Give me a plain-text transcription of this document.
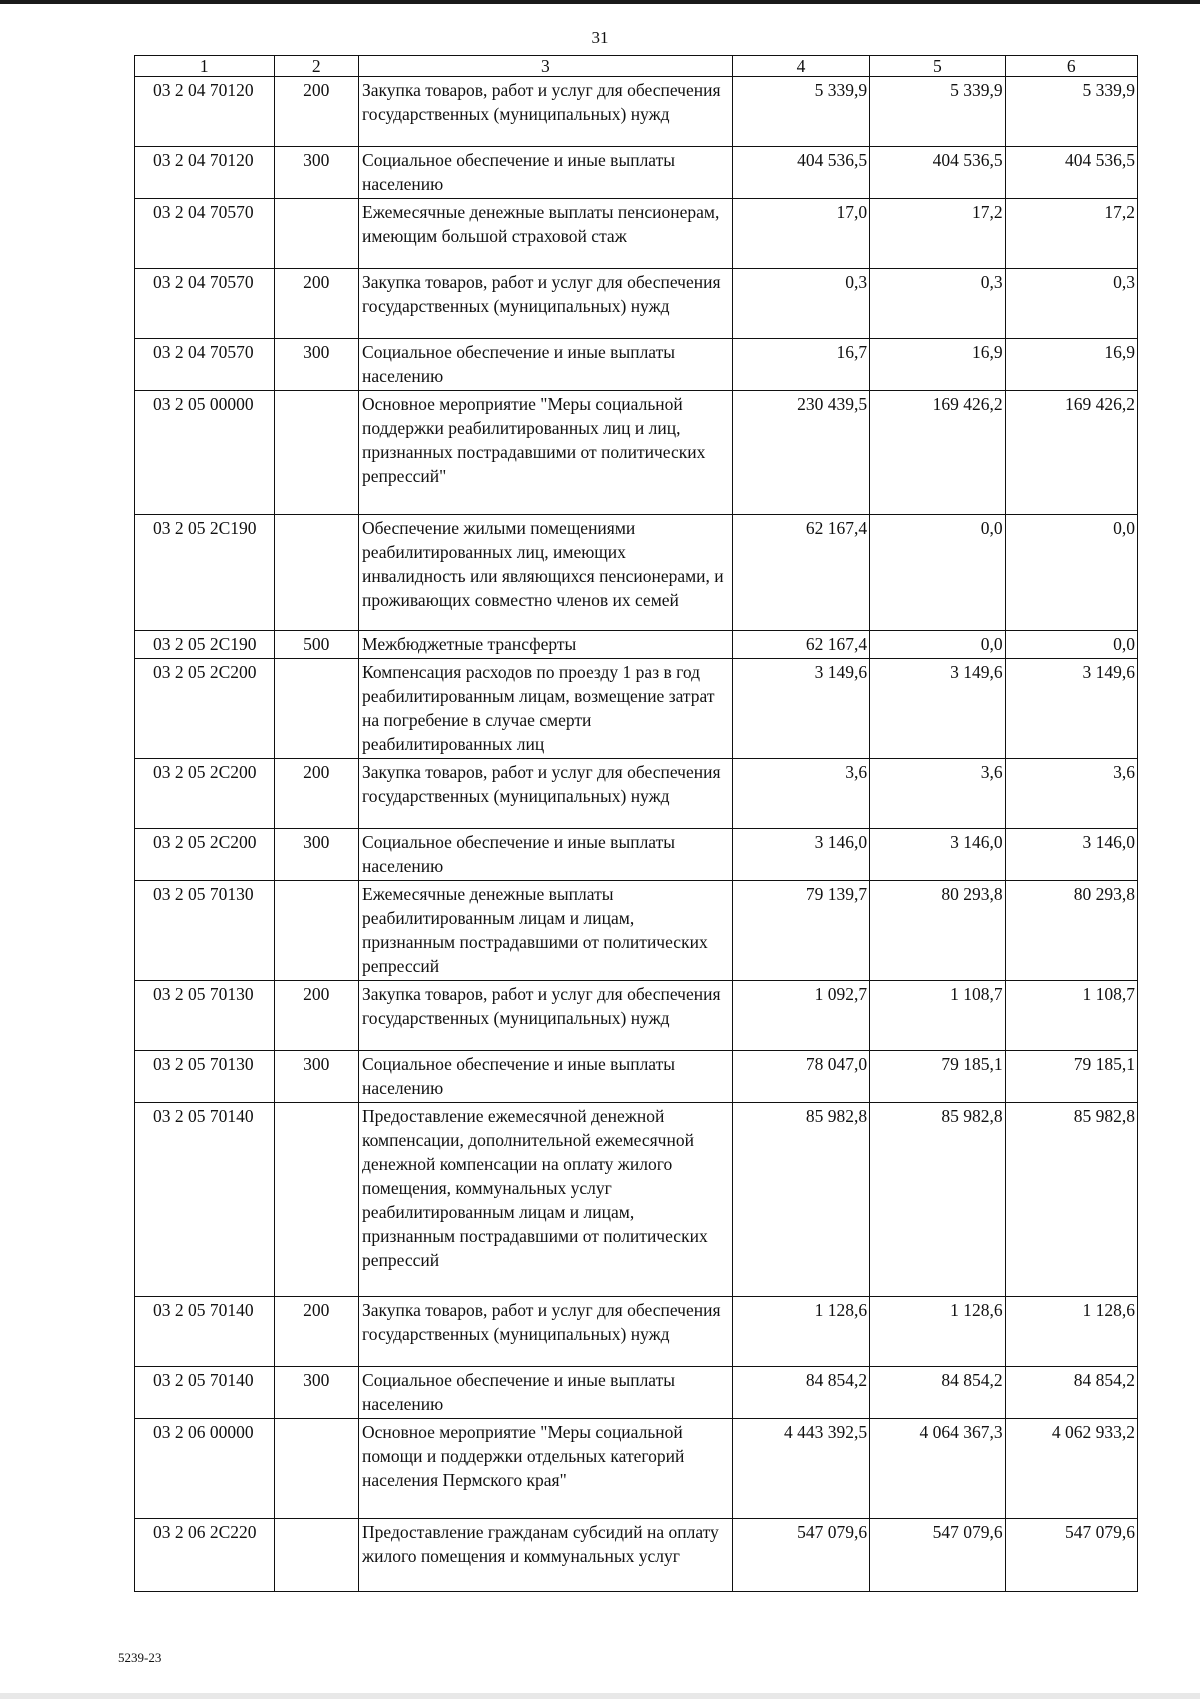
31
1	2	3	4	5	6
03 2 04 70120	200	Закупка товаров, работ и услуг для обеспечения государственных (муниципальных) нужд	5 339,9	5 339,9	5 339,9
03 2 04 70120	300	Социальное обеспечение и иные выплаты населению	404 536,5	404 536,5	404 536,5
03 2 04 70570		Ежемесячные денежные выплаты пенсионерам, имеющим большой страховой стаж	17,0	17,2	17,2
03 2 04 70570	200	Закупка товаров, работ и услуг для обеспечения государственных (муниципальных) нужд	0,3	0,3	0,3
03 2 04 70570	300	Социальное обеспечение и иные выплаты населению	16,7	16,9	16,9
03 2 05 00000		Основное мероприятие "Меры социальной поддержки реабилитированных лиц и лиц, признанных пострадавшими от политических репрессий"	230 439,5	169 426,2	169 426,2
03 2 05 2С190		Обеспечение жилыми помещениями реабилитированных лиц, имеющих инвалидность или являющихся пенсионерами, и проживающих совместно членов их семей	62 167,4	0,0	0,0
03 2 05 2С190	500	Межбюджетные трансферты	62 167,4	0,0	0,0
03 2 05 2С200		Компенсация расходов по проезду 1 раз в год реабилитированным лицам, возмещение затрат на погребение в случае смерти реабилитированных лиц	3 149,6	3 149,6	3 149,6
03 2 05 2С200	200	Закупка товаров, работ и услуг для обеспечения государственных (муниципальных) нужд	3,6	3,6	3,6
03 2 05 2С200	300	Социальное обеспечение и иные выплаты населению	3 146,0	3 146,0	3 146,0
03 2 05 70130		Ежемесячные денежные выплаты реабилитированным лицам и лицам, признанным пострадавшими от политических репрессий	79 139,7	80 293,8	80 293,8
03 2 05 70130	200	Закупка товаров, работ и услуг для обеспечения государственных (муниципальных) нужд	1 092,7	1 108,7	1 108,7
03 2 05 70130	300	Социальное обеспечение и иные выплаты населению	78 047,0	79 185,1	79 185,1
03 2 05 70140		Предоставление ежемесячной денежной компенсации, дополнительной ежемесячной денежной компенсации на оплату жилого помещения, коммунальных услуг реабилитированным лицам и лицам, признанным пострадавшими от политических репрессий	85 982,8	85 982,8	85 982,8
03 2 05 70140	200	Закупка товаров, работ и услуг для обеспечения государственных (муниципальных) нужд	1 128,6	1 128,6	1 128,6
03 2 05 70140	300	Социальное обеспечение и иные выплаты населению	84 854,2	84 854,2	84 854,2
03 2 06 00000		Основное мероприятие "Меры социальной помощи и поддержки отдельных категорий населения Пермского края"	4 443 392,5	4 064 367,3	4 062 933,2
03 2 06 2С220		Предоставление гражданам субсидий на оплату жилого помещения и коммунальных услуг	547 079,6	547 079,6	547 079,6
5239-23
